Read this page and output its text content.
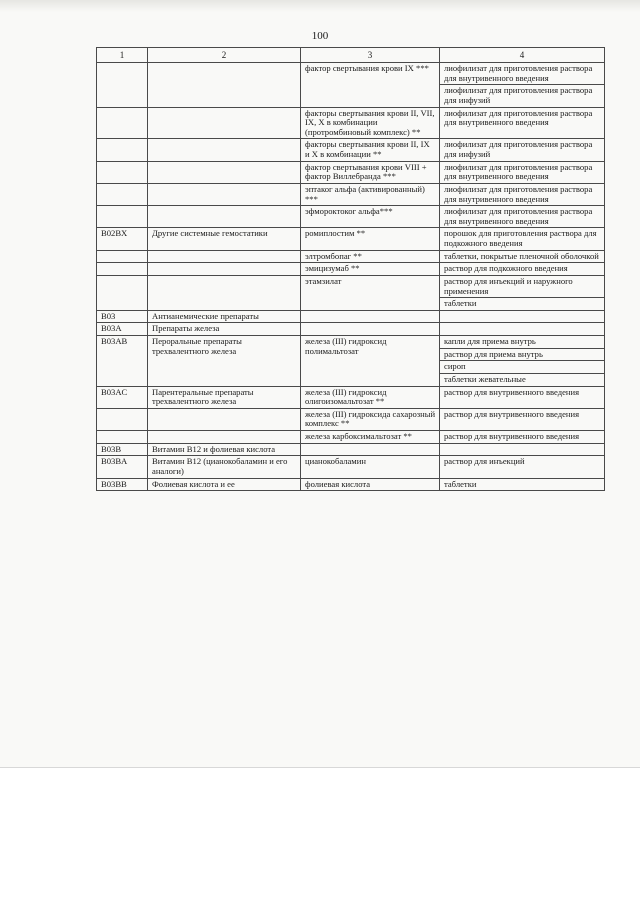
100
1	2	3	4
		фактор свертывания крови IX ***	лиофилизат для приготовления раствора для внутривенного введения
			лиофилизат для приготовления раствора для инфузий
		факторы свертывания крови II, VII, IX, X в комбинации (протромбиновый комплекс) **	лиофилизат для приготовления раствора для внутривенного введения
		факторы свертывания крови II, IX и X в комбинации **	лиофилизат для приготовления раствора для инфузий
		фактор свертывания крови VIII + фактор Виллебранда ***	лиофилизат для приготовления раствора для внутривенного введения
		эптаког альфа (активированный) ***	лиофилизат для приготовления раствора для внутривенного введения
		эфмороктоког альфа***	лиофилизат для приготовления раствора для внутривенного введения
B02BX	Другие системные гемостатики	ромиплостим **	порошок для приготовления раствора для подкожного введения
		элтромбопаг **	таблетки, покрытые пленочной оболочкой
		эмицизумаб **	раствор для подкожного введения
		этамзилат	раствор для инъекций и наружного применения
			таблетки
B03	Антианемические препараты		
B03A	Препараты железа		
B03AB	Пероральные препараты трехвалентного железа	железа (III) гидроксид полимальтозат	капли для приема внутрь
			раствор для приема внутрь
			сироп
			таблетки жевательные
B03AC	Парентеральные препараты трехвалентного железа	железа (III) гидроксид олигоизомальтозат **	раствор для внутривенного введения
		железа (III) гидроксида сахарозный комплекс **	раствор для внутривенного введения
		железа карбоксимальтозат **	раствор для внутривенного введения
B03B	Витамин B12 и фолиевая кислота		
B03BA	Витамин B12 (цианокобаламин и его аналоги)	цианокобаламин	раствор для инъекций
B03BB	Фолиевая кислота и ее	фолиевая кислота	таблетки
